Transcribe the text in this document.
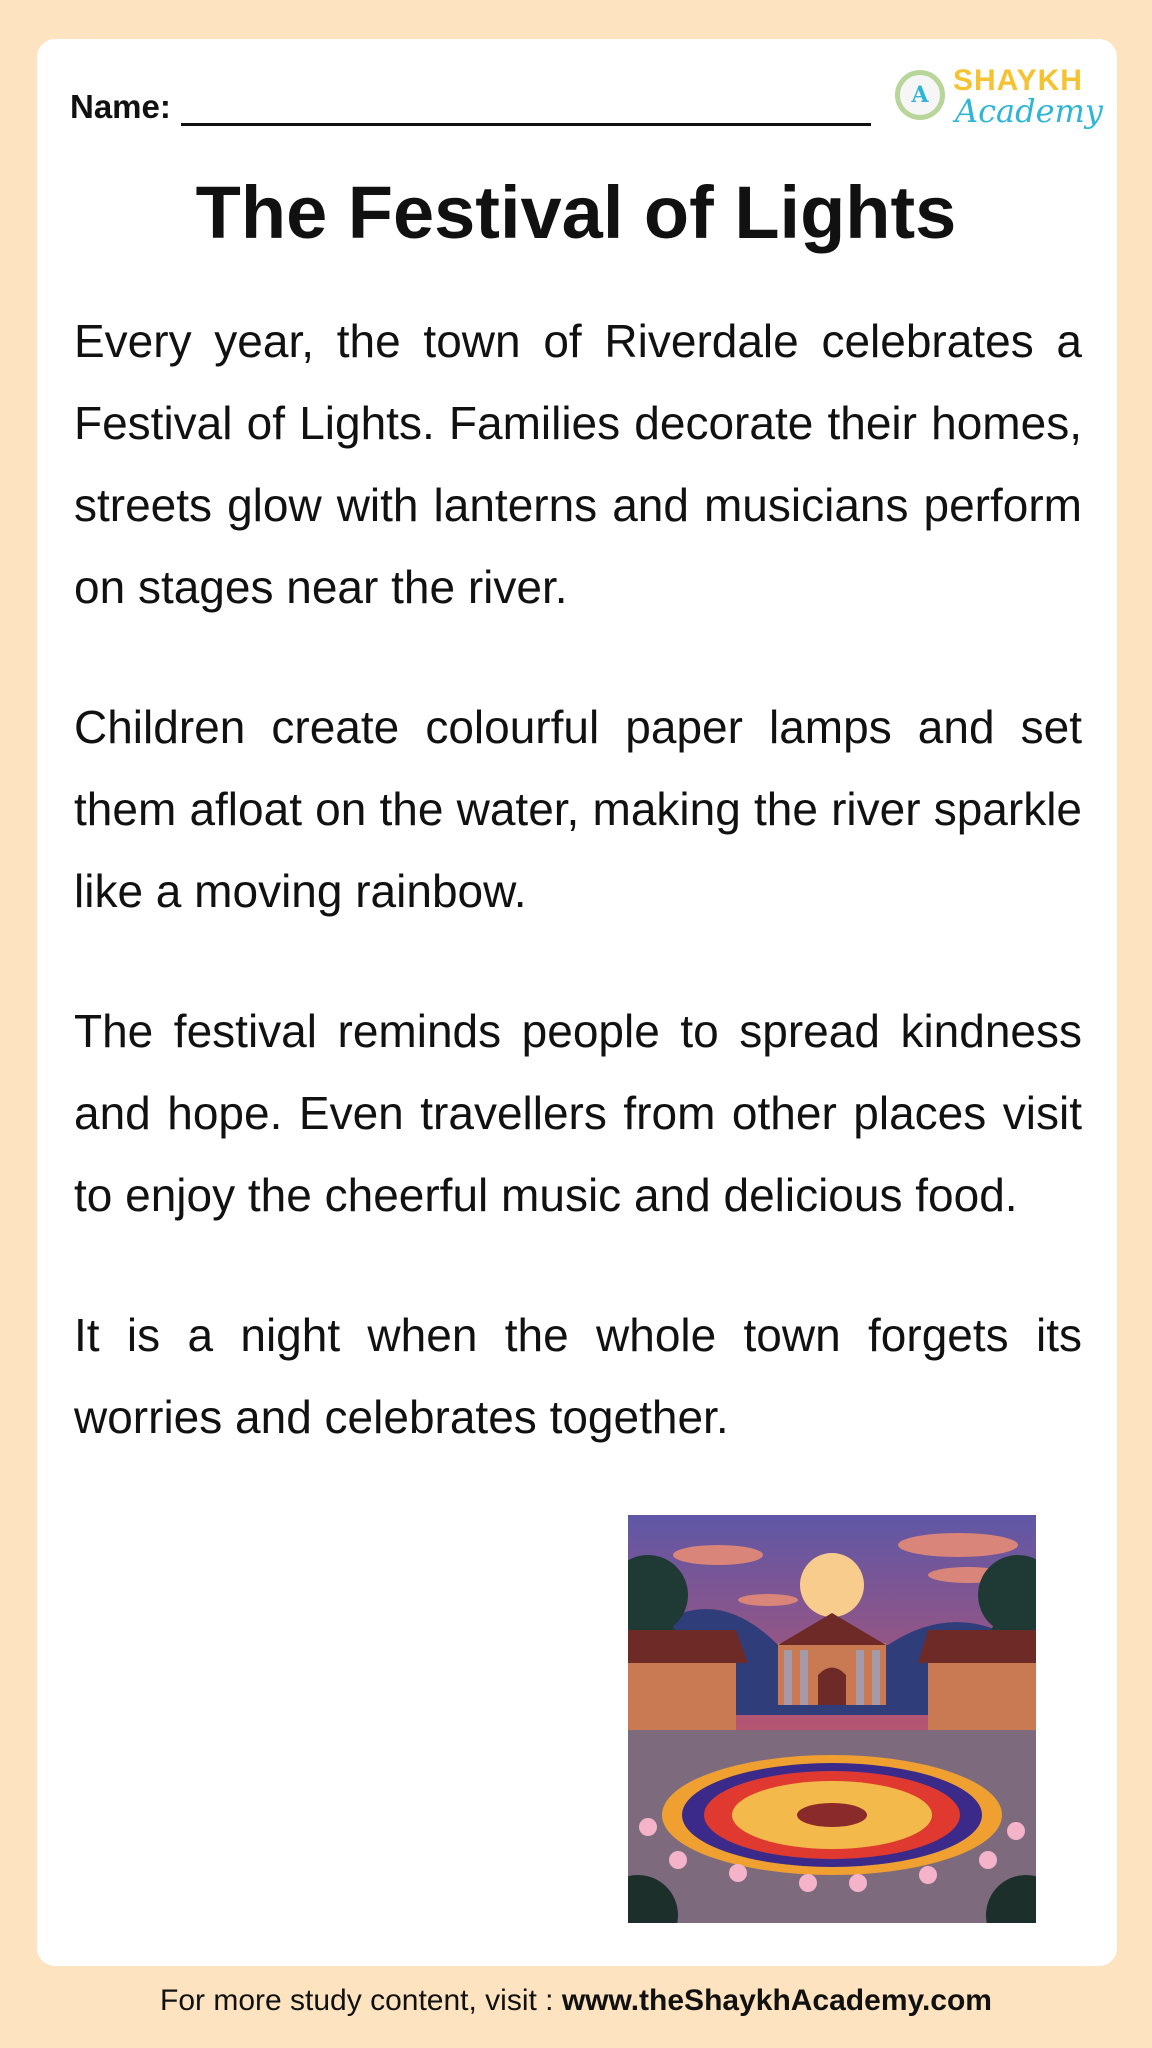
Name:	A SHAYKH
Academy
The Festival of Lights

Every year, the town of Riverdale celebrates a Festival of Lights. Families decorate their homes, streets glow with lanterns and musicians perform on stages near the river.

Children create colourful paper lamps and set them afloat on the water, making the river sparkle like a moving rainbow.

The festival reminds people to spread kindness and hope. Even travellers from other places visit to enjoy the cheerful music and delicious food.

It is a night when the whole town forgets its worries and celebrates together.

For more study content, visit : www.theShaykhAcademy.com
